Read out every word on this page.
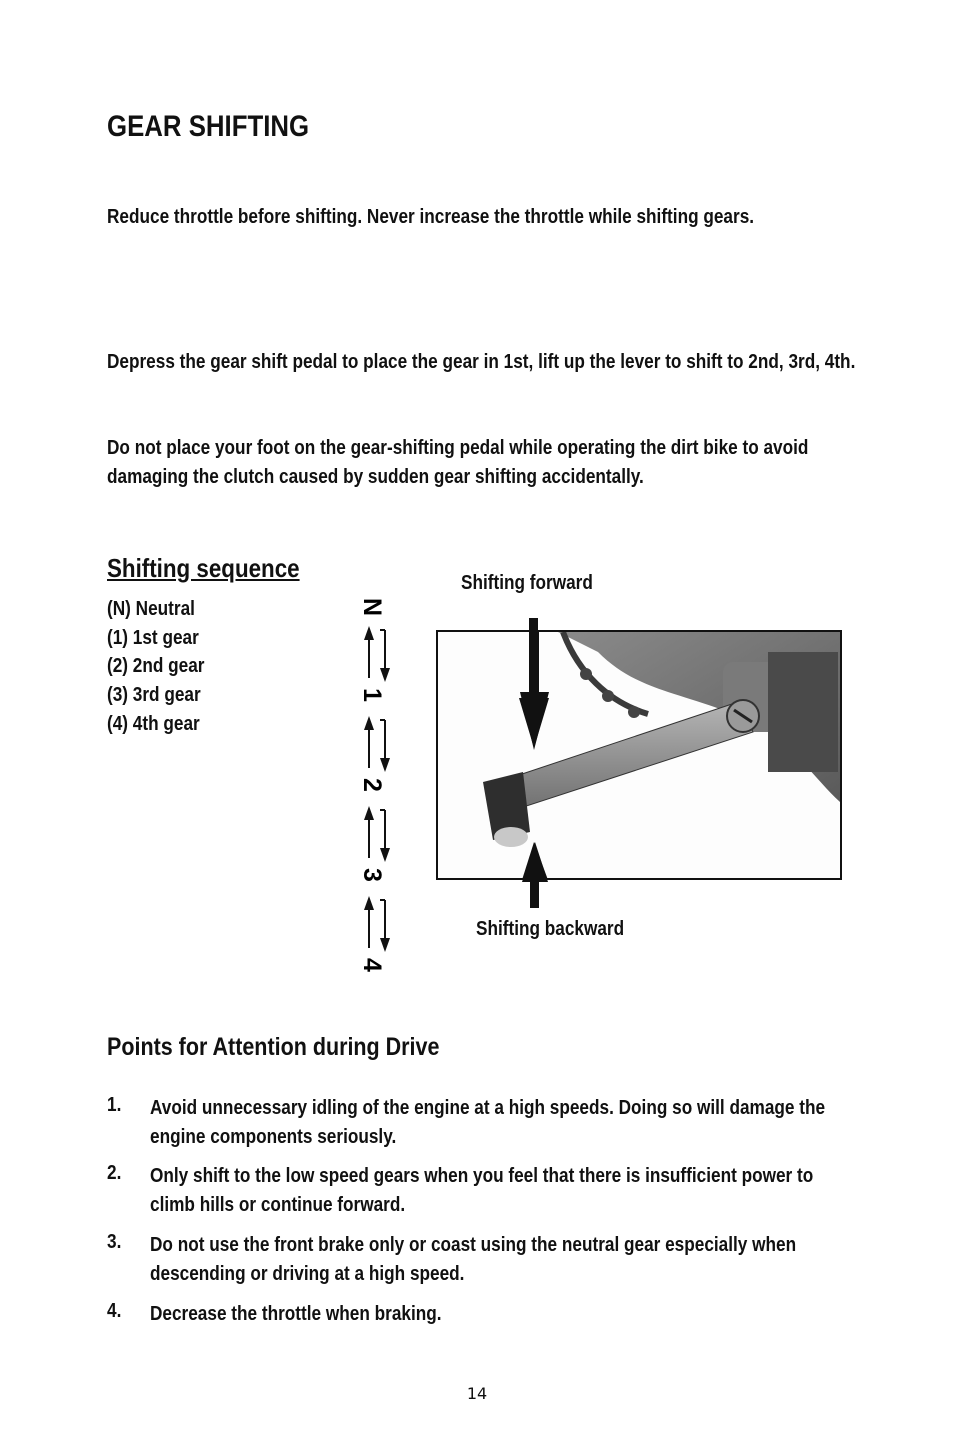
GEAR SHIFTING
Reduce throttle before shifting. Never increase the throttle while shifting gears.
Depress the gear shift pedal to place the gear in 1st, lift up the lever to shift to 2nd, 3rd, 4th.
Do not place your foot on the gear-shifting pedal while operating the dirt bike to avoid damaging the clutch caused by sudden gear shifting accidentally.
Shifting sequence
(N) Neutral
(1) 1st gear
(2) 2nd gear
(3) 3rd gear
(4) 4th gear
N
1
2
3
4
Shifting forward
Shifting backward
Points for Attention during Drive
1. Avoid unnecessary idling of the engine at a high speeds. Doing so will damage the engine components seriously.
2. Only shift to the low speed gears when you feel that there is insufficient power to climb hills or continue forward.
3. Do not use the front brake only or coast using the neutral gear especially when descending or driving at a high speed.
4. Decrease the throttle when braking.
14
